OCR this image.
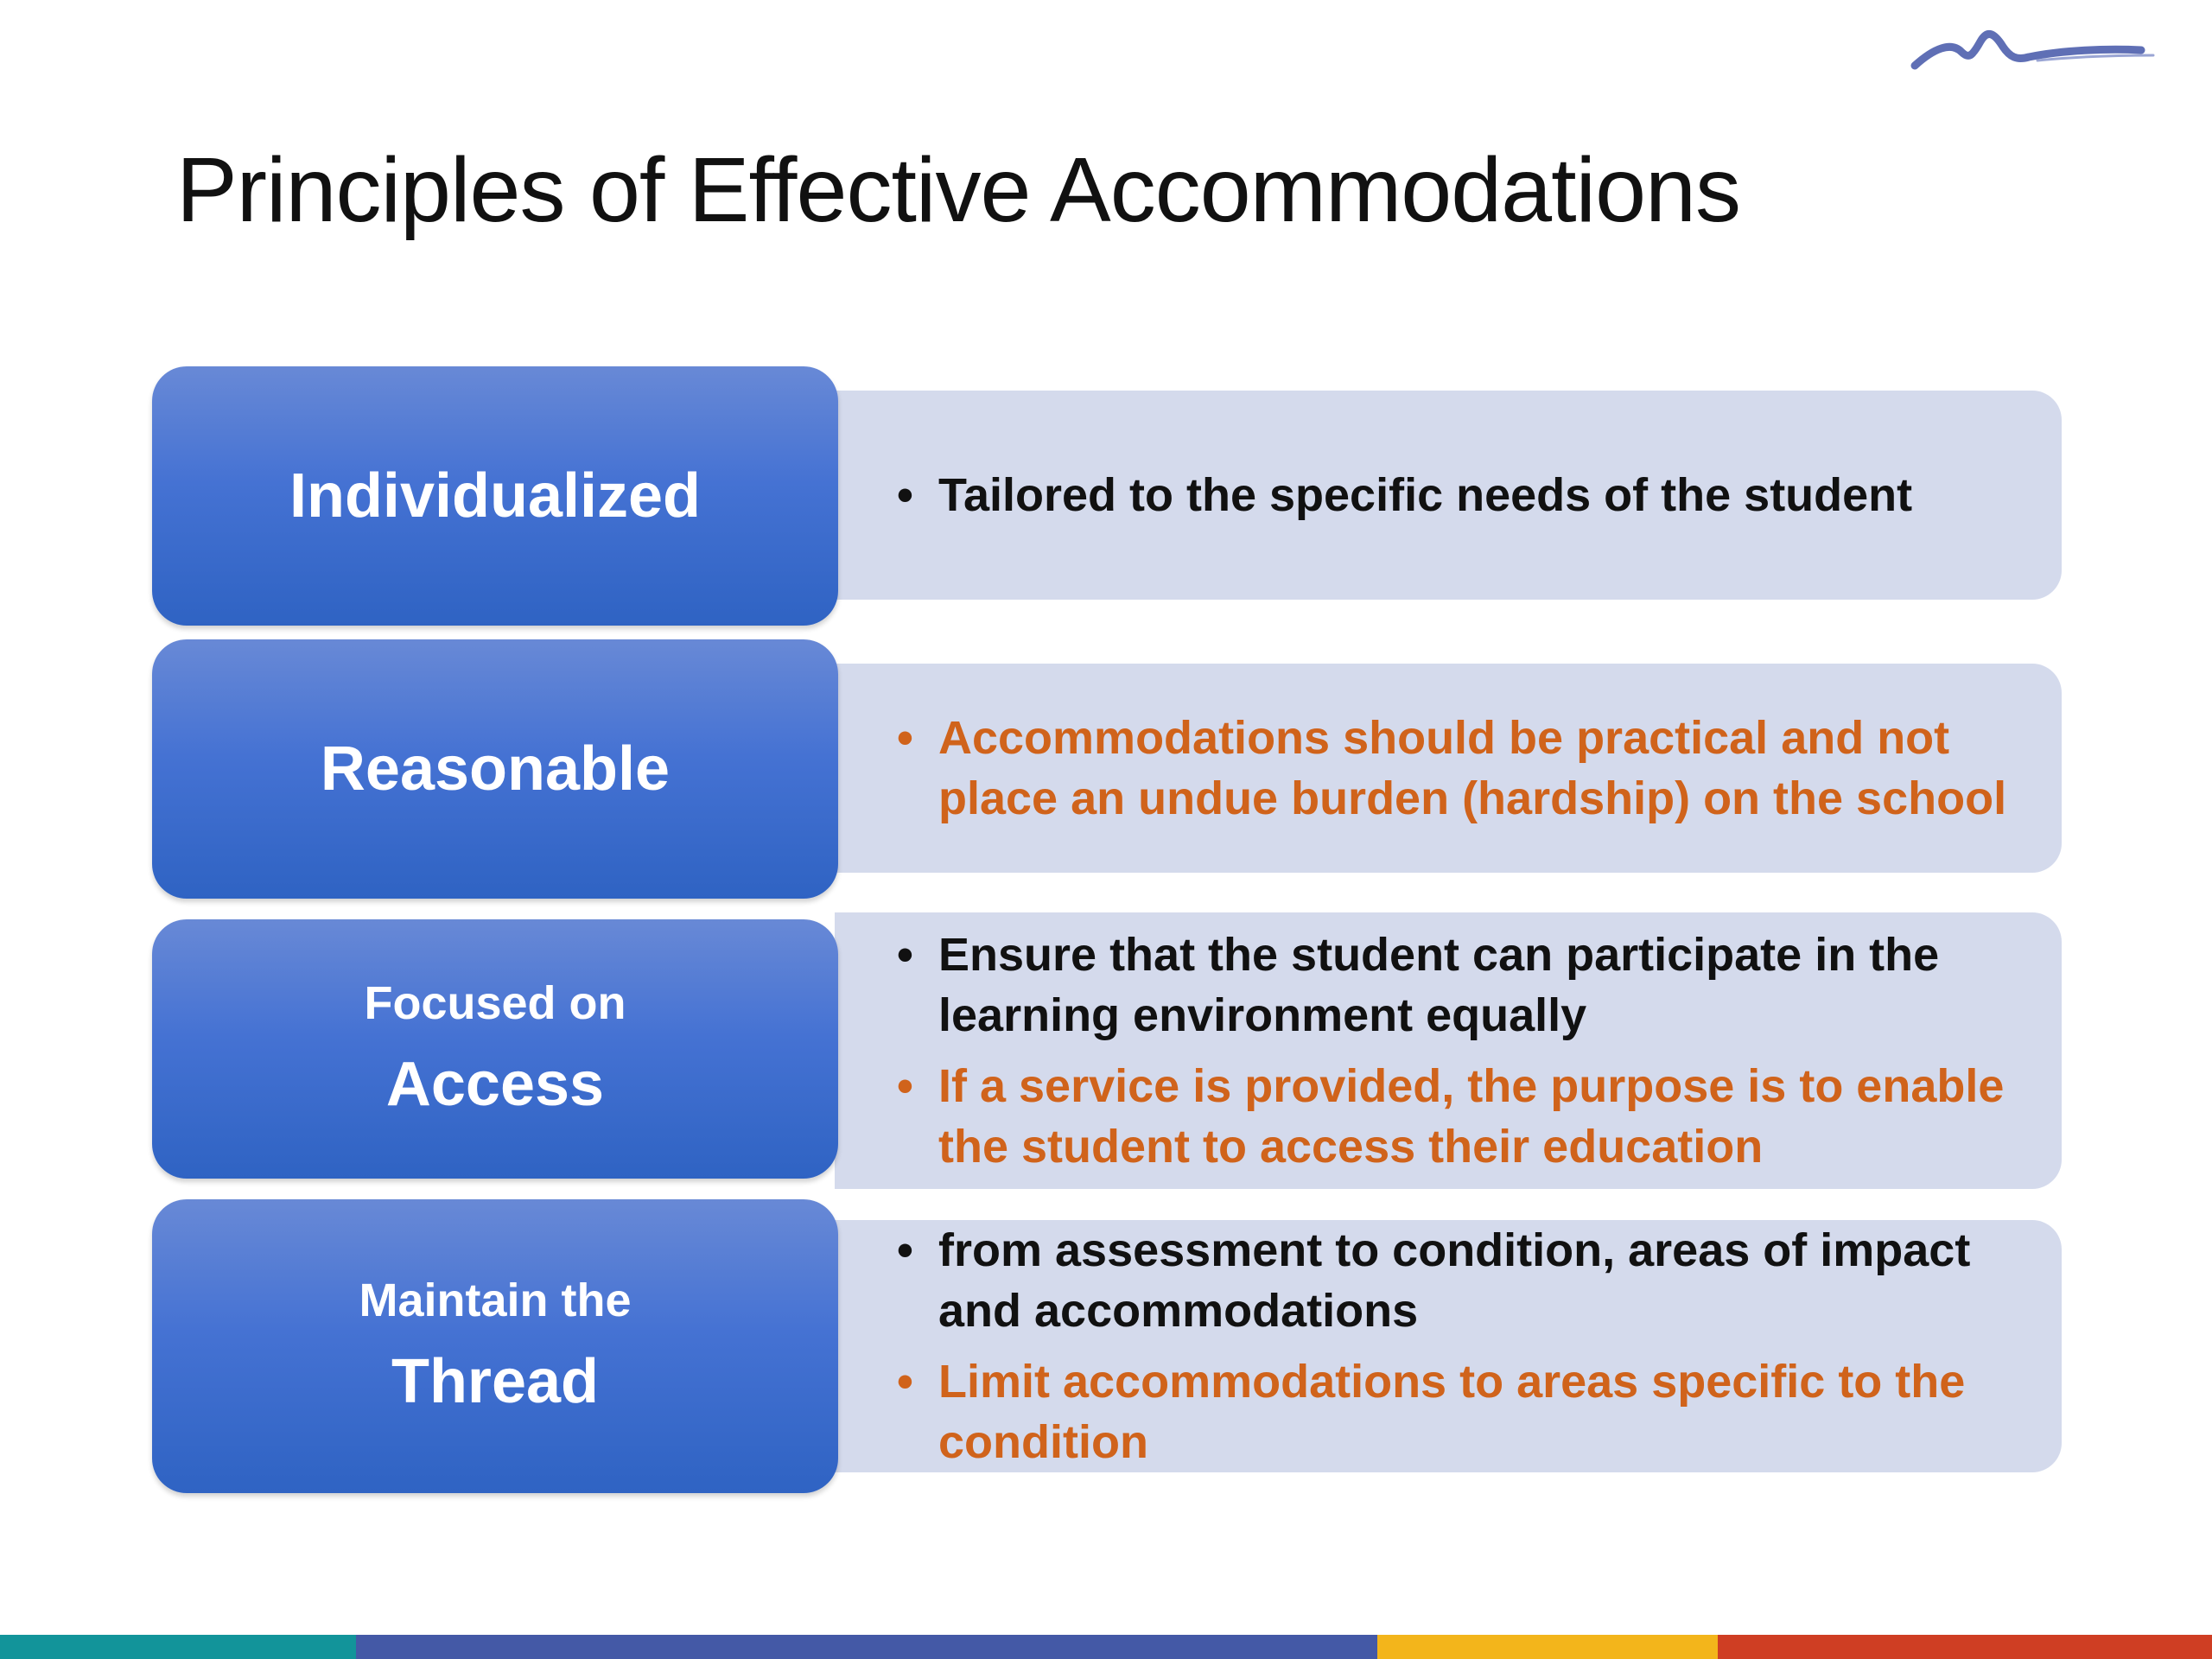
Principles of Effective Accommodations
• Tailored to the specific needs of the student
Individualized
• Accommodations should be practical and not place an undue burden (hardship) on the school
Reasonable
• Ensure that the student can participate in the learning environment equally
• If a service is provided, the purpose is to enable the student to access their education
Focused on
Access
• from assessment to condition, areas of impact and accommodations
• Limit accommodations to areas specific to the condition
Maintain the
Thread
